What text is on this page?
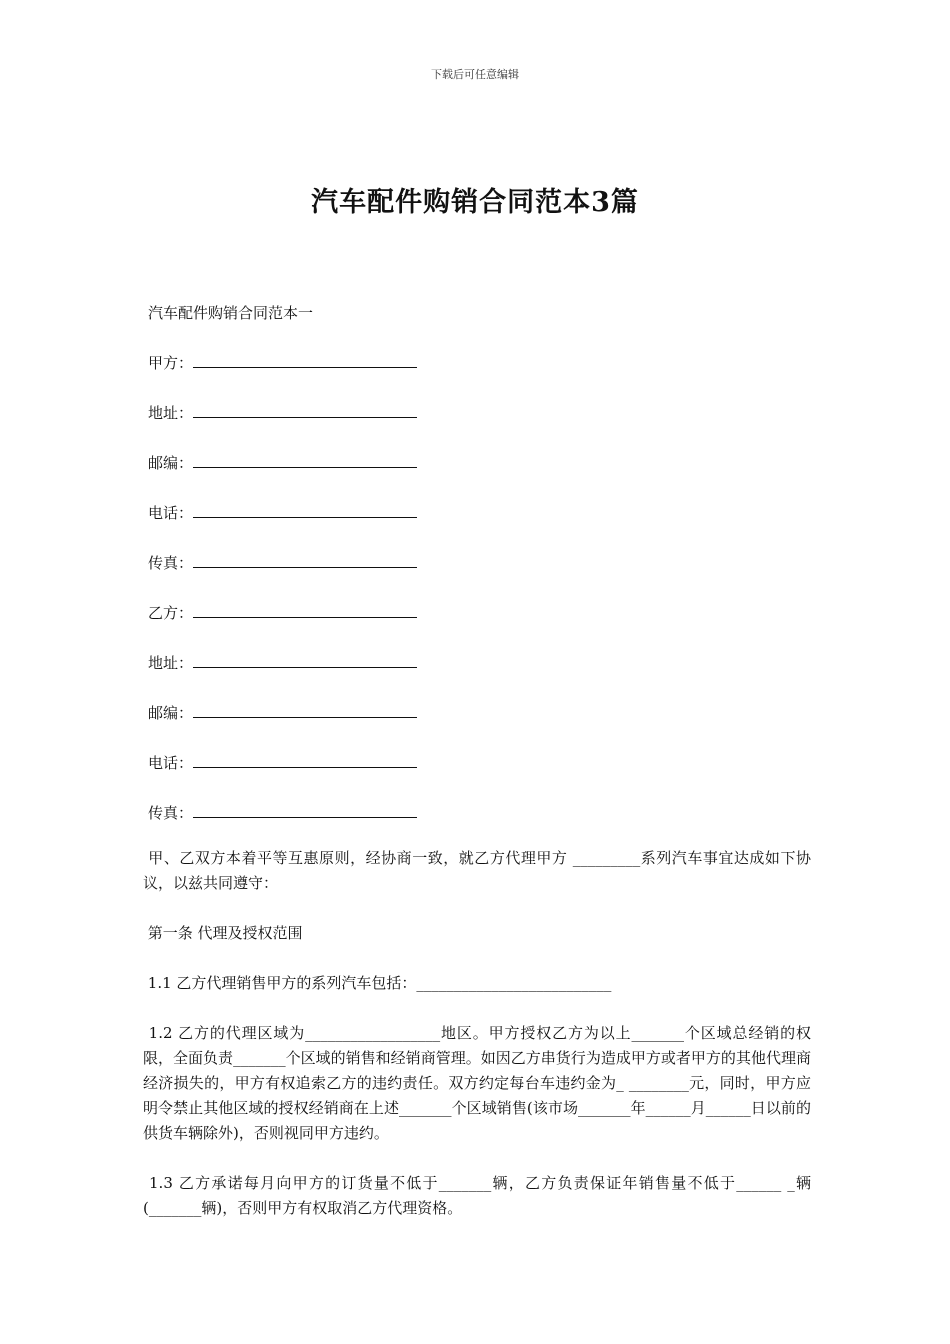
下载后可任意编辑
汽车配件购销合同范本3篇
汽车配件购销合同范本一
甲方：
地址：
邮编：
电话：
传真：
乙方：
地址：
邮编：
电话：
传真：
甲、乙双方本着平等互惠原则，经协商一致，就乙方代理甲方 _________系列汽车事宜达成如下协议，以兹共同遵守：
第一条 代理及授权范围
1.1 乙方代理销售甲方的系列汽车包括：__________________________
1.2 乙方的代理区域为__________________地区。甲方授权乙方为以上_______个区域总经销的权限，全面负责_______个区域的销售和经销商管理。如因乙方串货行为造成甲方或者甲方的其他代理商经济损失的，甲方有权追索乙方的违约责任。双方约定每台车违约金为_ ________元，同时，甲方应明令禁止其他区域的授权经销商在上述_______个区域销售(该市场_______年______月______日以前的供货车辆除外)，否则视同甲方违约。
1.3 乙方承诺每月向甲方的订货量不低于_______辆，乙方负责保证年销售量不低于______ _辆(_______辆)，否则甲方有权取消乙方代理资格。
